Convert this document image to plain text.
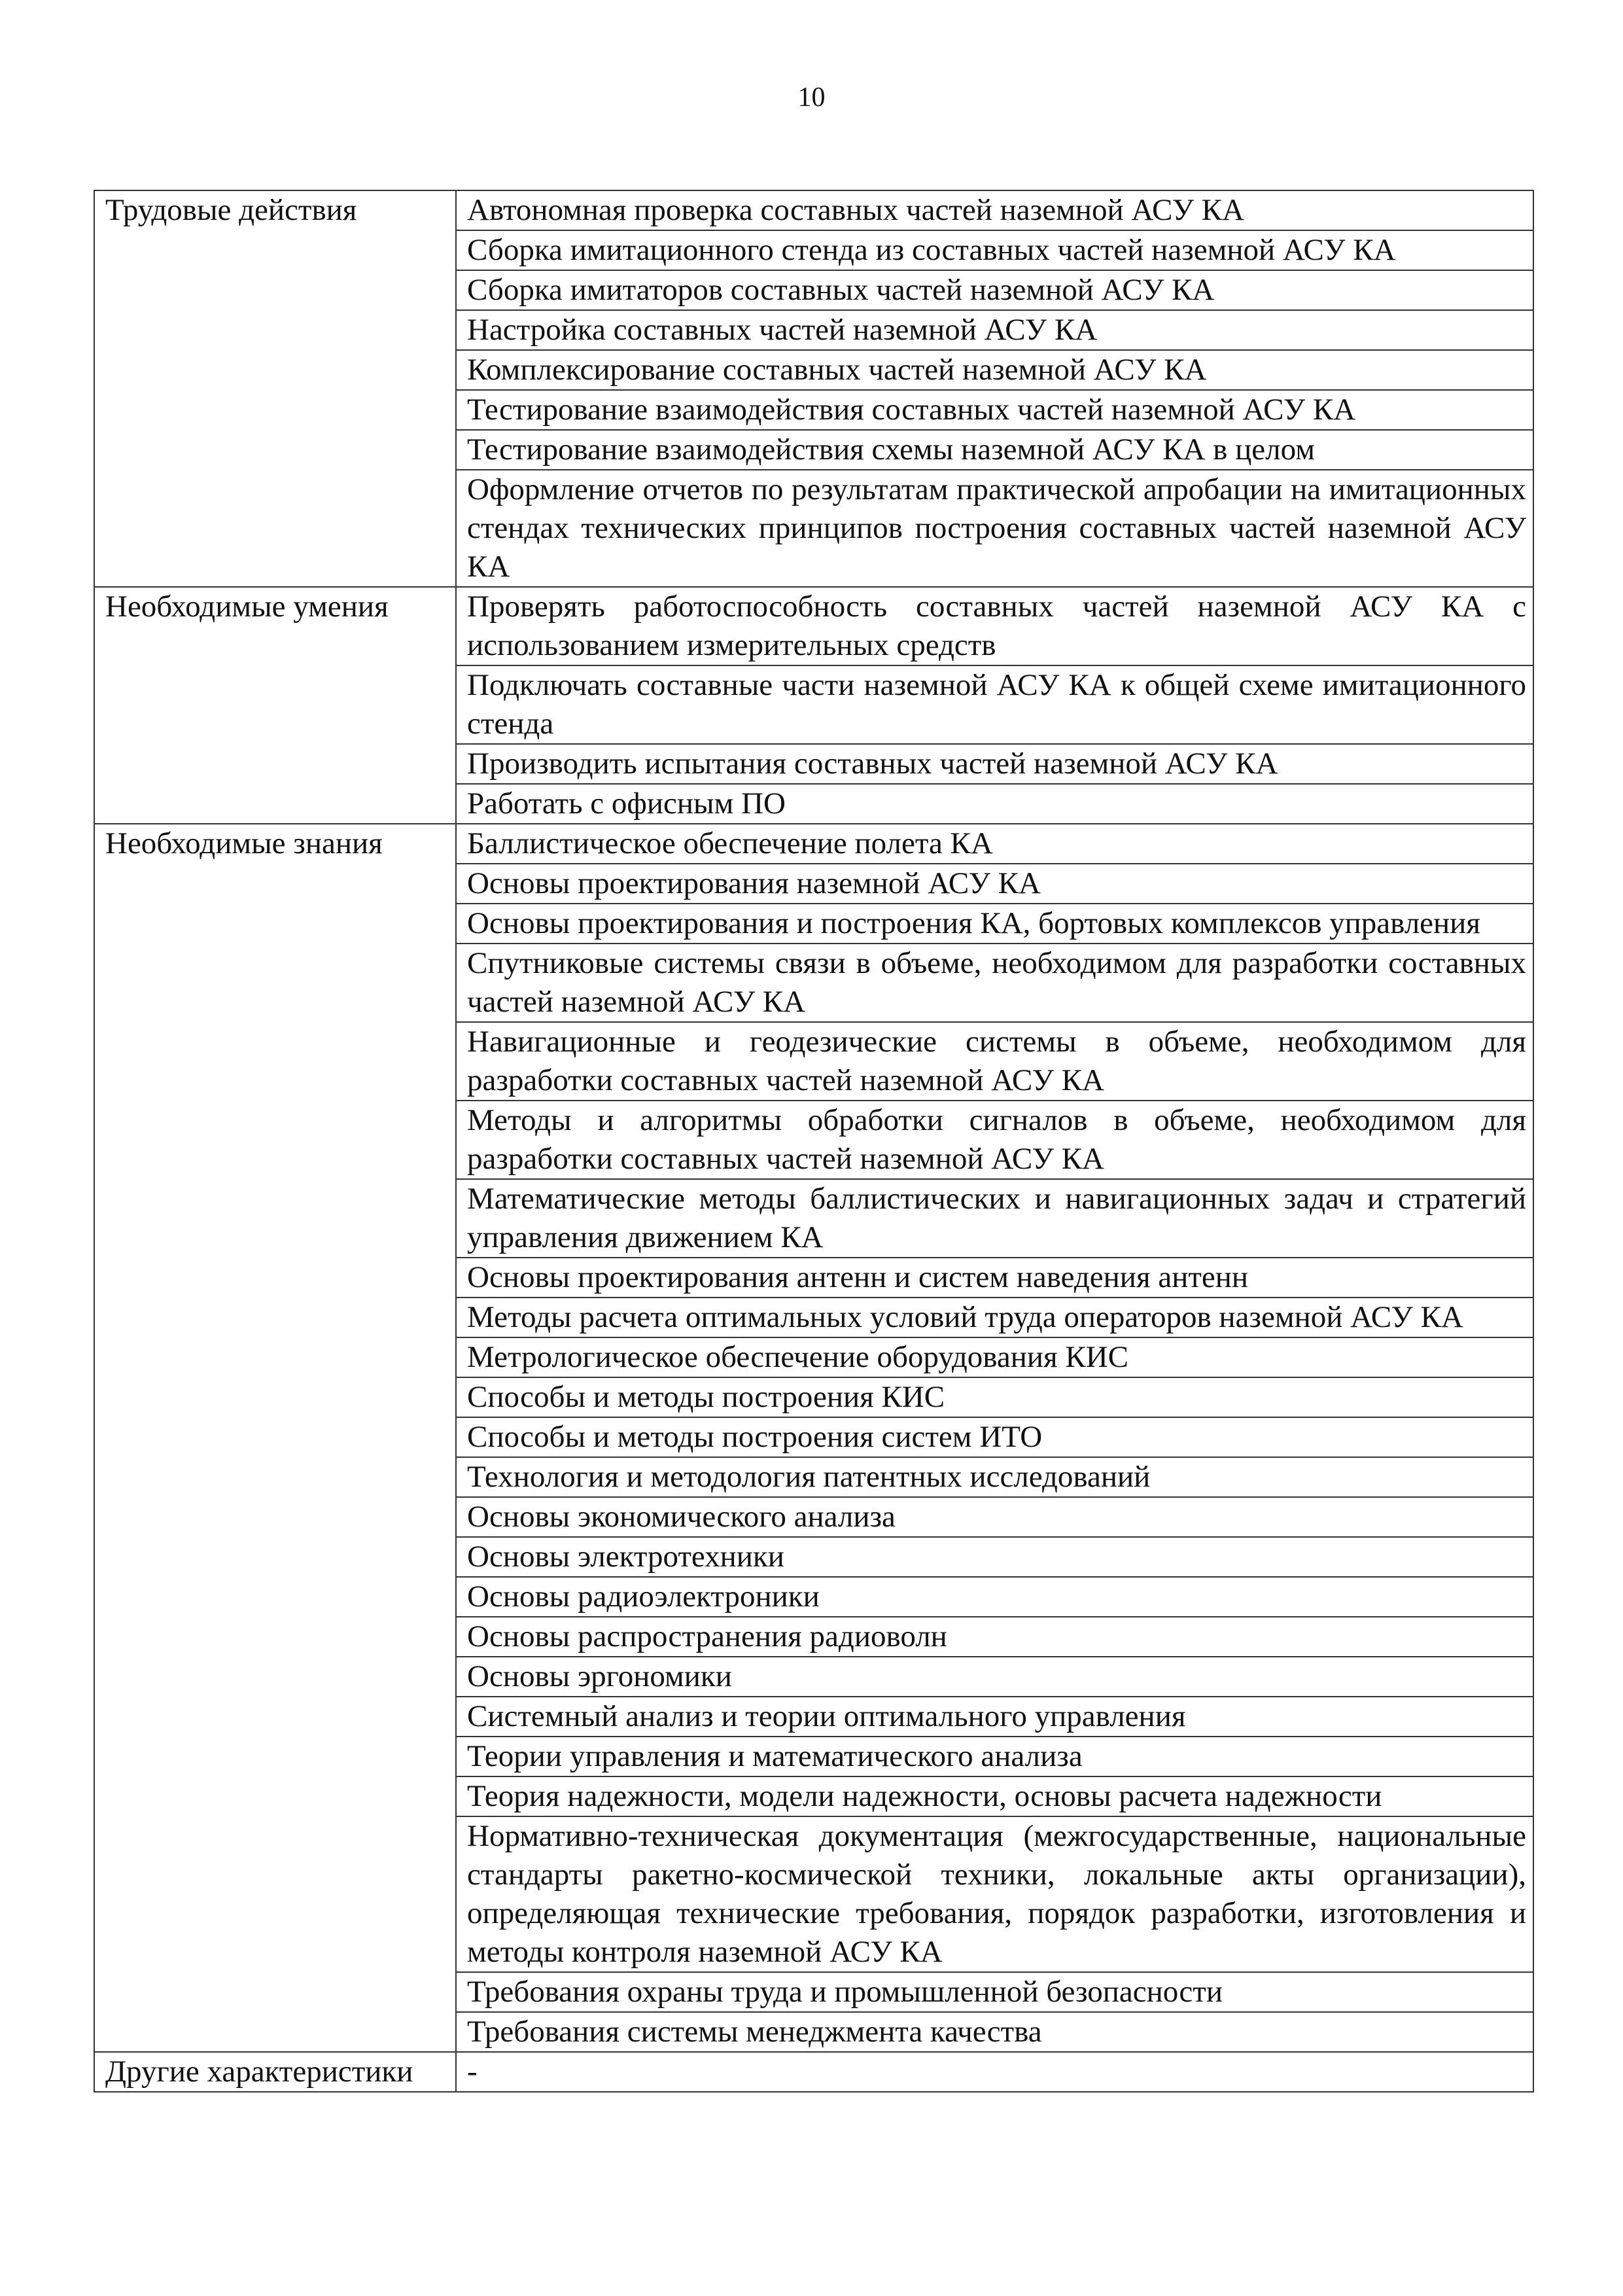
10
Трудовые действия	Автономная проверка составных частей наземной АСУ КА
	Сборка имитационного стенда из составных частей наземной АСУ КА
	Сборка имитаторов составных частей наземной АСУ КА
	Настройка составных частей наземной АСУ КА
	Комплексирование составных частей наземной АСУ КА
	Тестирование взаимодействия составных частей наземной АСУ КА
	Тестирование взаимодействия схемы наземной АСУ КА в целом
	Оформление отчетов по результатам практической апробации на имитационных стендах технических принципов построения составных частей наземной АСУ КА
Необходимые умения	Проверять работоспособность составных частей наземной АСУ КА с использованием измерительных средств
	Подключать составные части наземной АСУ КА к общей схеме имитационного стенда
	Производить испытания составных частей наземной АСУ КА
	Работать с офисным ПО
Необходимые знания	Баллистическое обеспечение полета КА
	Основы проектирования наземной АСУ КА
	Основы проектирования и построения КА, бортовых комплексов управления
	Спутниковые системы связи в объеме, необходимом для разработки составных частей наземной АСУ КА
	Навигационные и геодезические системы в объеме, необходимом для разработки составных частей наземной АСУ КА
	Методы и алгоритмы обработки сигналов в объеме, необходимом для разработки составных частей наземной АСУ КА
	Математические методы баллистических и навигационных задач и стратегий управления движением КА
	Основы проектирования антенн и систем наведения антенн
	Методы расчета оптимальных условий труда операторов наземной АСУ КА
	Метрологическое обеспечение оборудования КИС
	Способы и методы построения КИС
	Способы и методы построения систем ИТО
	Технология и методология патентных исследований
	Основы экономического анализа
	Основы электротехники
	Основы радиоэлектроники
	Основы распространения радиоволн
	Основы эргономики
	Системный анализ и теории оптимального управления
	Теории управления и математического анализа
	Теория надежности, модели надежности, основы расчета надежности
	Нормативно-техническая документация (межгосударственные, национальные стандарты ракетно-космической техники, локальные акты организации), определяющая технические требования, порядок разработки, изготовления и методы контроля наземной АСУ КА
	Требования охраны труда и промышленной безопасности
	Требования системы менеджмента качества
Другие характеристики	-
